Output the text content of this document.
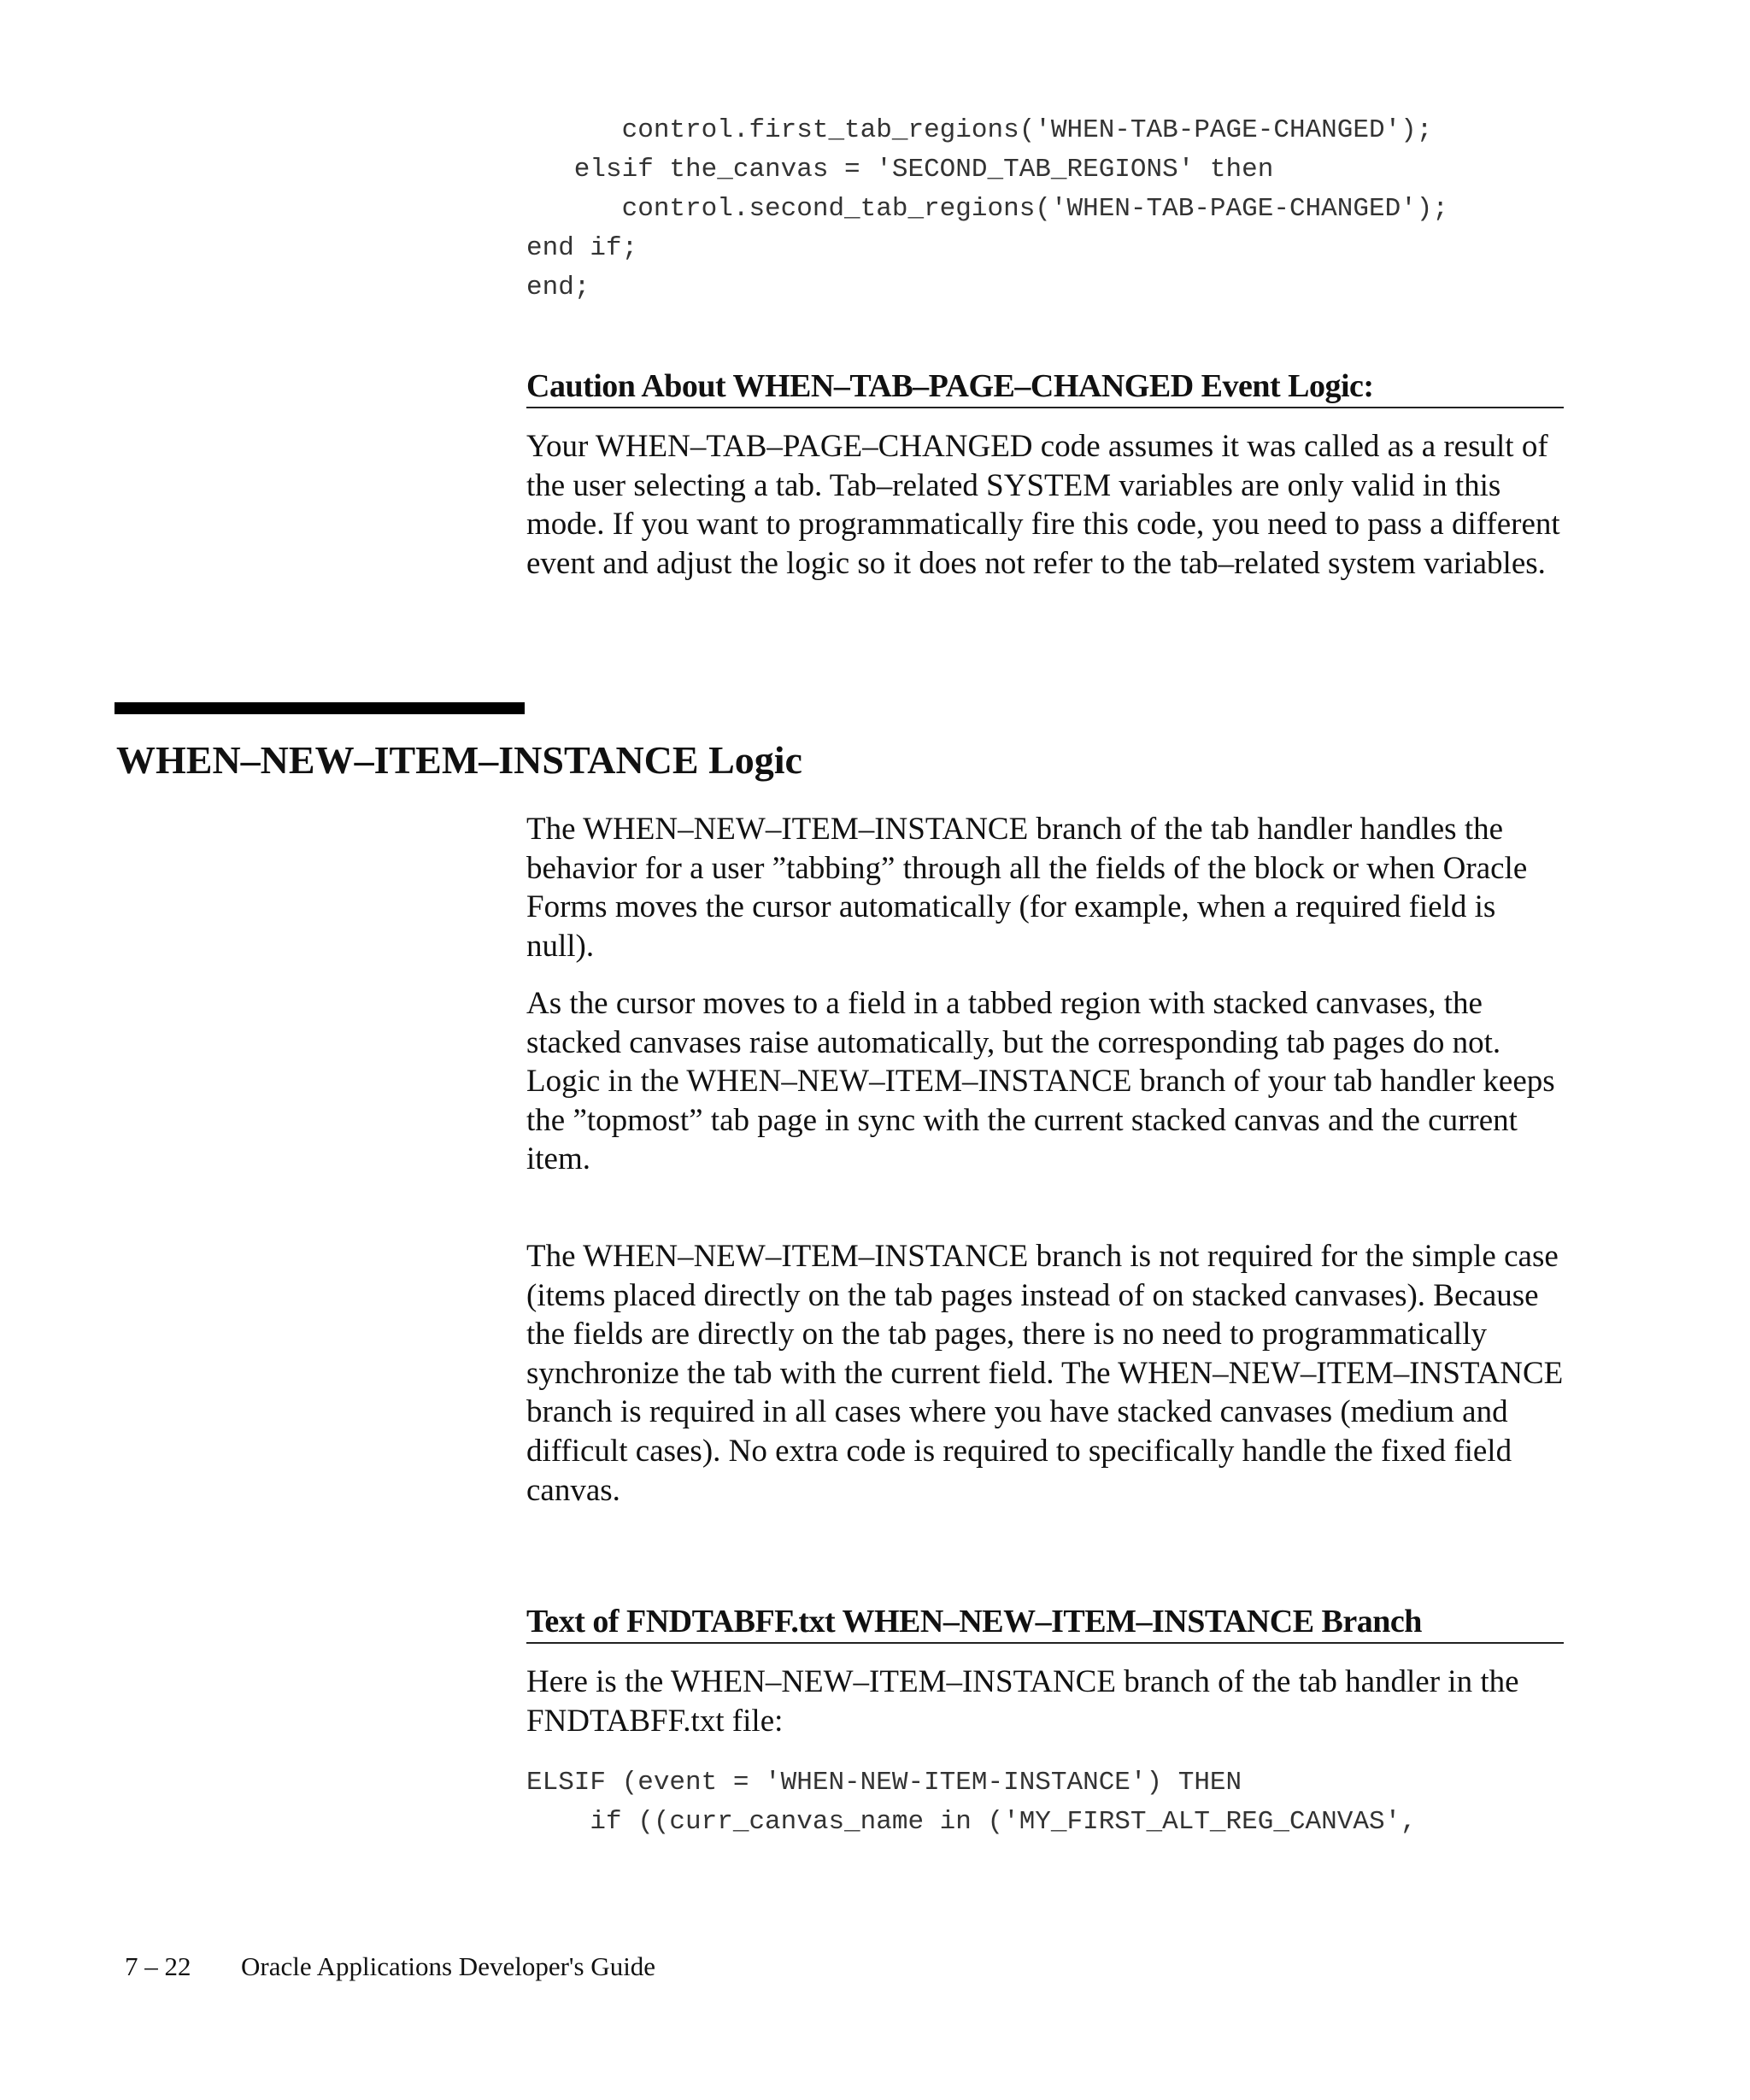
control.first_tab_regions('WHEN-TAB-PAGE-CHANGED');
elsif the_canvas = 'SECOND_TAB_REGIONS' then
control.second_tab_regions('WHEN-TAB-PAGE-CHANGED');
end if;
end;
Caution About WHEN–TAB–PAGE–CHANGED Event Logic:

Your WHEN–TAB–PAGE–CHANGED code assumes it was called as a result of the user selecting a tab. Tab–related SYSTEM variables are only valid in this mode. If you want to programmatically fire this code, you need to pass a different event and adjust the logic so it does not refer to the tab–related system variables.

WHEN–NEW–ITEM–INSTANCE Logic

The WHEN–NEW–ITEM–INSTANCE branch of the tab handler handles the behavior for a user ”tabbing” through all the fields of the block or when Oracle Forms moves the cursor automatically (for example, when a required field is null).

As the cursor moves to a field in a tabbed region with stacked canvases, the stacked canvases raise automatically, but the corresponding tab pages do not. Logic in the WHEN–NEW–ITEM–INSTANCE branch of your tab handler keeps the ”topmost” tab page in sync with the current stacked canvas and the current item.

The WHEN–NEW–ITEM–INSTANCE branch is not required for the simple case (items placed directly on the tab pages instead of on stacked canvases). Because the fields are directly on the tab pages, there is no need to programmatically synchronize the tab with the current field. The WHEN–NEW–ITEM–INSTANCE branch is required in all cases where you have stacked canvases (medium and difficult cases). No extra code is required to specifically handle the fixed field canvas.

Text of FNDTABFF.txt WHEN–NEW–ITEM–INSTANCE Branch

Here is the WHEN–NEW–ITEM–INSTANCE branch of the tab handler in the FNDTABFF.txt file:

ELSIF (event = 'WHEN-NEW-ITEM-INSTANCE') THEN
if ((curr_canvas_name in ('MY_FIRST_ALT_REG_CANVAS',
7 – 22 Oracle Applications Developer's Guide
